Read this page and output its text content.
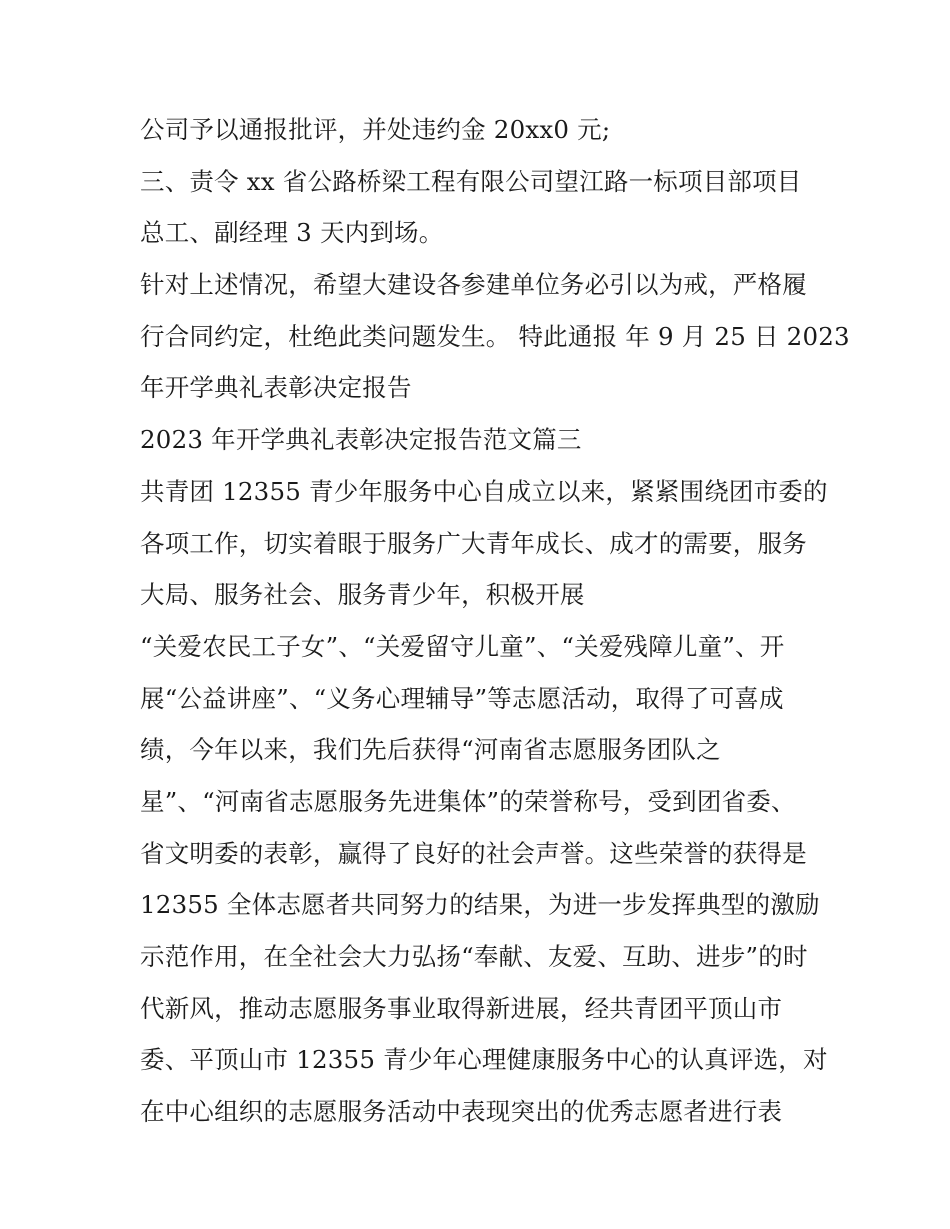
公司予以通报批评，并处违约金 20xx0 元;
三、责令 xx 省公路桥梁工程有限公司望江路一标项目部项目
总工、副经理 3 天内到场。
针对上述情况，希望大建设各参建单位务必引以为戒，严格履
行合同约定，杜绝此类问题发生。 特此通报 年 9 月 25 日 2023
年开学典礼表彰决定报告
2023 年开学典礼表彰决定报告范文篇三
共青团 12355 青少年服务中心自成立以来，紧紧围绕团市委的
各项工作，切实着眼于服务广大青年成长、成才的需要，服务
大局、服务社会、服务青少年，积极开展
“关爱农民工子女”、“关爱留守儿童”、“关爱残障儿童”、开
展“公益讲座”、“义务心理辅导”等志愿活动，取得了可喜成
绩，今年以来，我们先后获得“河南省志愿服务团队之
星”、“河南省志愿服务先进集体”的荣誉称号，受到团省委、
省文明委的表彰，赢得了良好的社会声誉。这些荣誉的获得是
12355 全体志愿者共同努力的结果，为进一步发挥典型的激励
示范作用，在全社会大力弘扬“奉献、友爱、互助、进步”的时
代新风，推动志愿服务事业取得新进展，经共青团平顶山市
委、平顶山市 12355 青少年心理健康服务中心的认真评选，对
在中心组织的志愿服务活动中表现突出的优秀志愿者进行表
